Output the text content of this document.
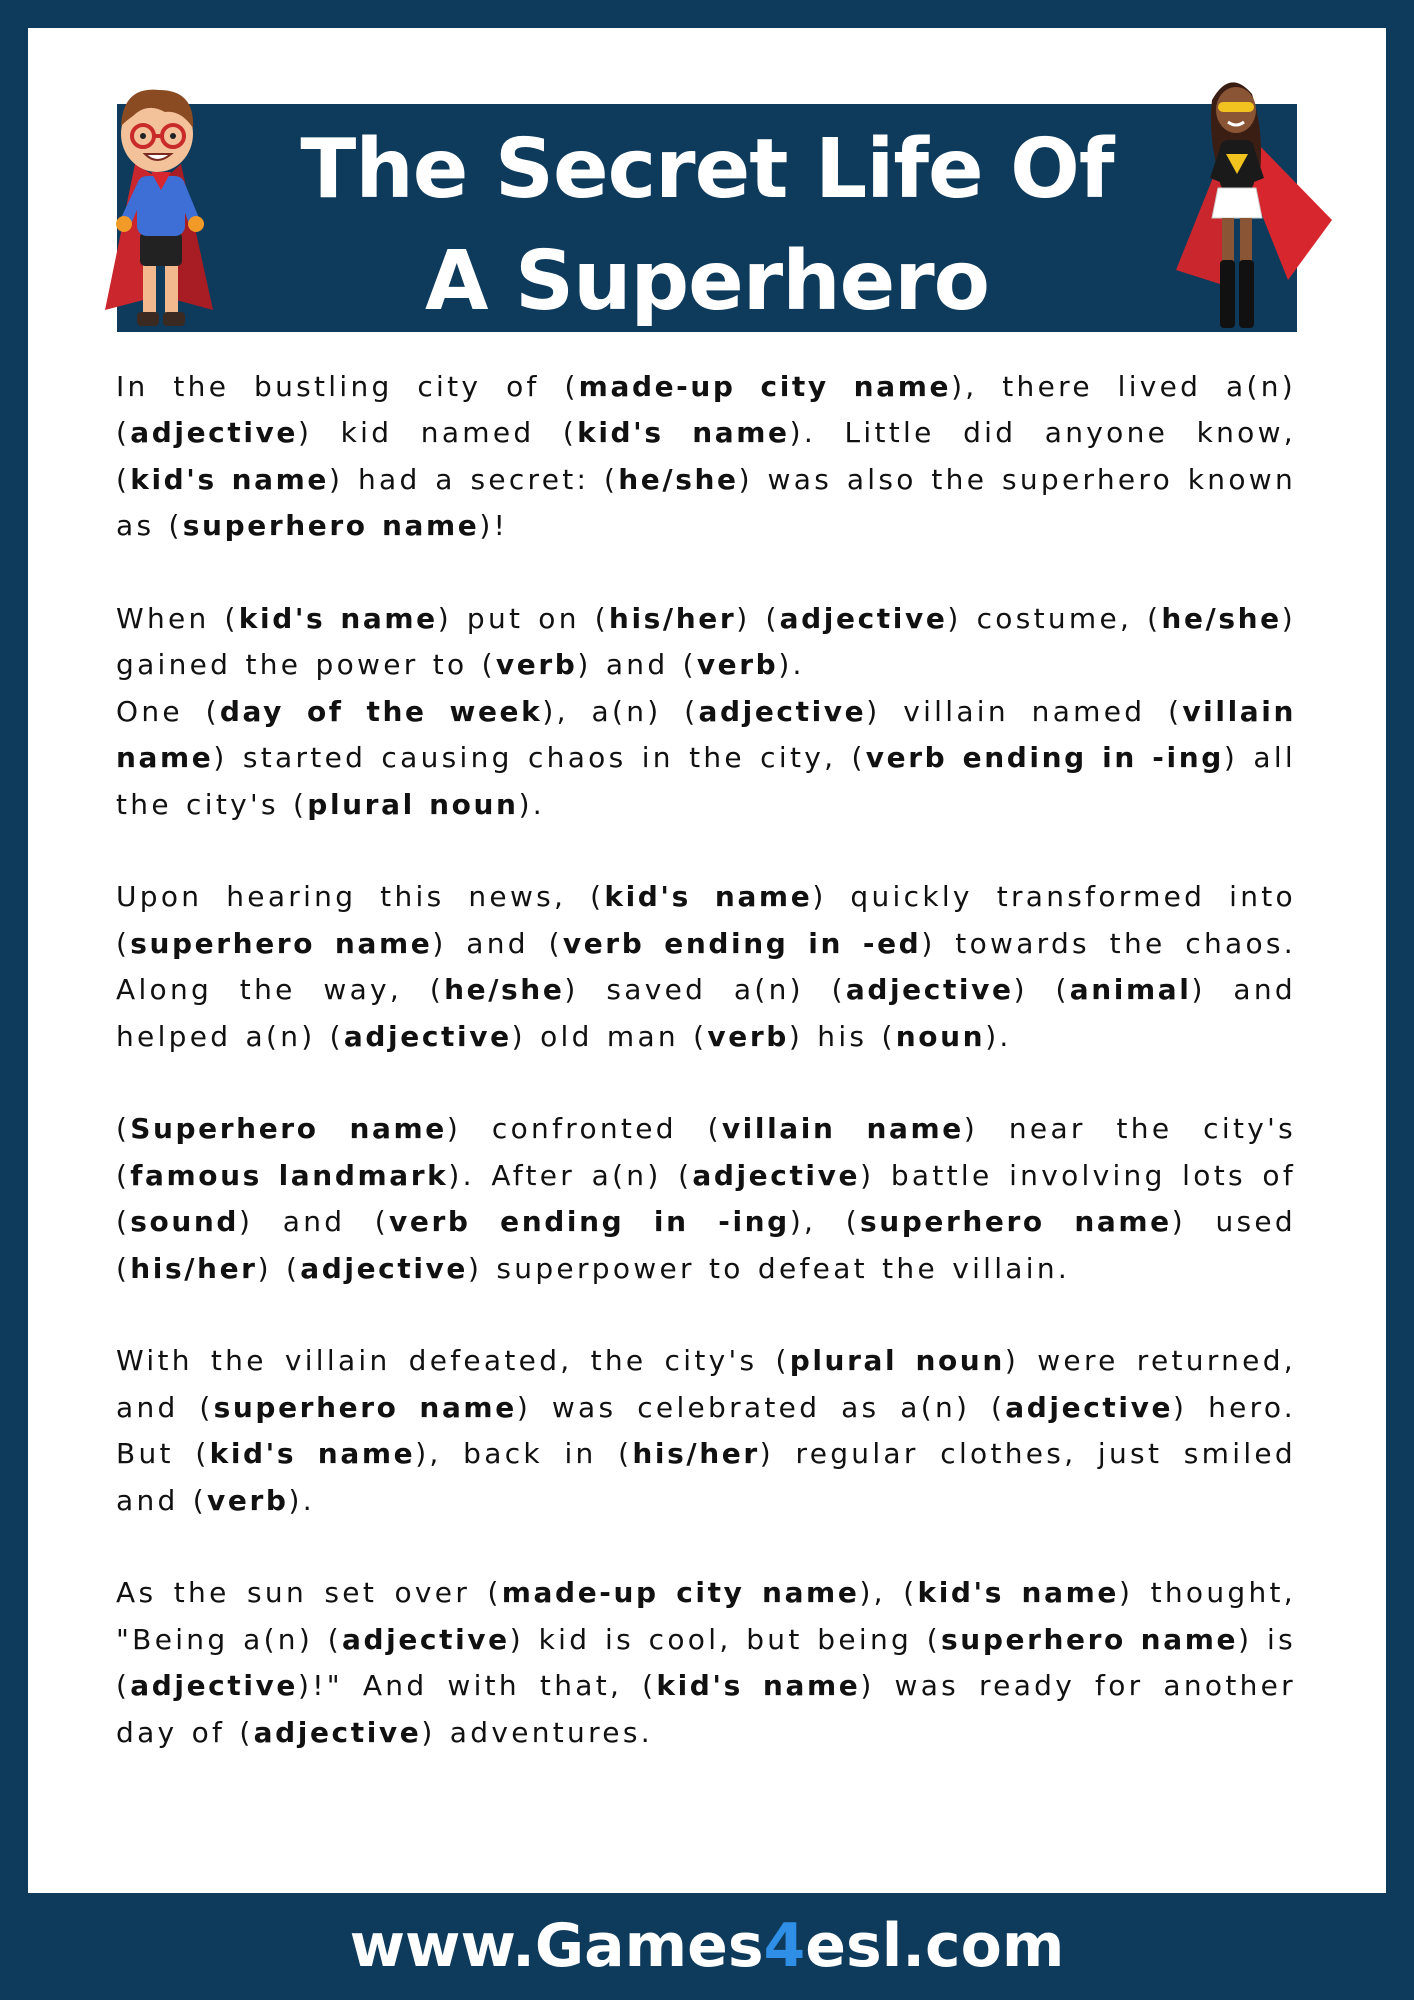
The Secret Life Of
A Superhero

In the bustling city of (made-up city name), there lived a(n) (adjective) kid named (kid's name). Little did anyone know, (kid's name) had a secret: (he/she) was also the superhero known as (superhero name)!

When (kid's name) put on (his/her) (adjective) costume, (he/she) gained the power to (verb) and (verb).

One (day of the week), a(n) (adjective) villain named (villain name) started causing chaos in the city, (verb ending in -ing) all the city's (plural noun).

Upon hearing this news, (kid's name) quickly transformed into (superhero name) and (verb ending in -ed) towards the chaos. Along the way, (he/she) saved a(n) (adjective) (animal) and helped a(n) (adjective) old man (verb) his (noun).

(Superhero name) confronted (villain name) near the city's (famous landmark). After a(n) (adjective) battle involving lots of (sound) and (verb ending in -ing), (superhero name) used (his/her) (adjective) superpower to defeat the villain.

With the villain defeated, the city's (plural noun) were returned, and (superhero name) was celebrated as a(n) (adjective) hero. But (kid's name), back in (his/her) regular clothes, just smiled and (verb).

As the sun set over (made-up city name), (kid's name) thought, "Being a(n) (adjective) kid is cool, but being (superhero name) is (adjective)!" And with that, (kid's name) was ready for another day of (adjective) adventures.

www.Games4esl.com
